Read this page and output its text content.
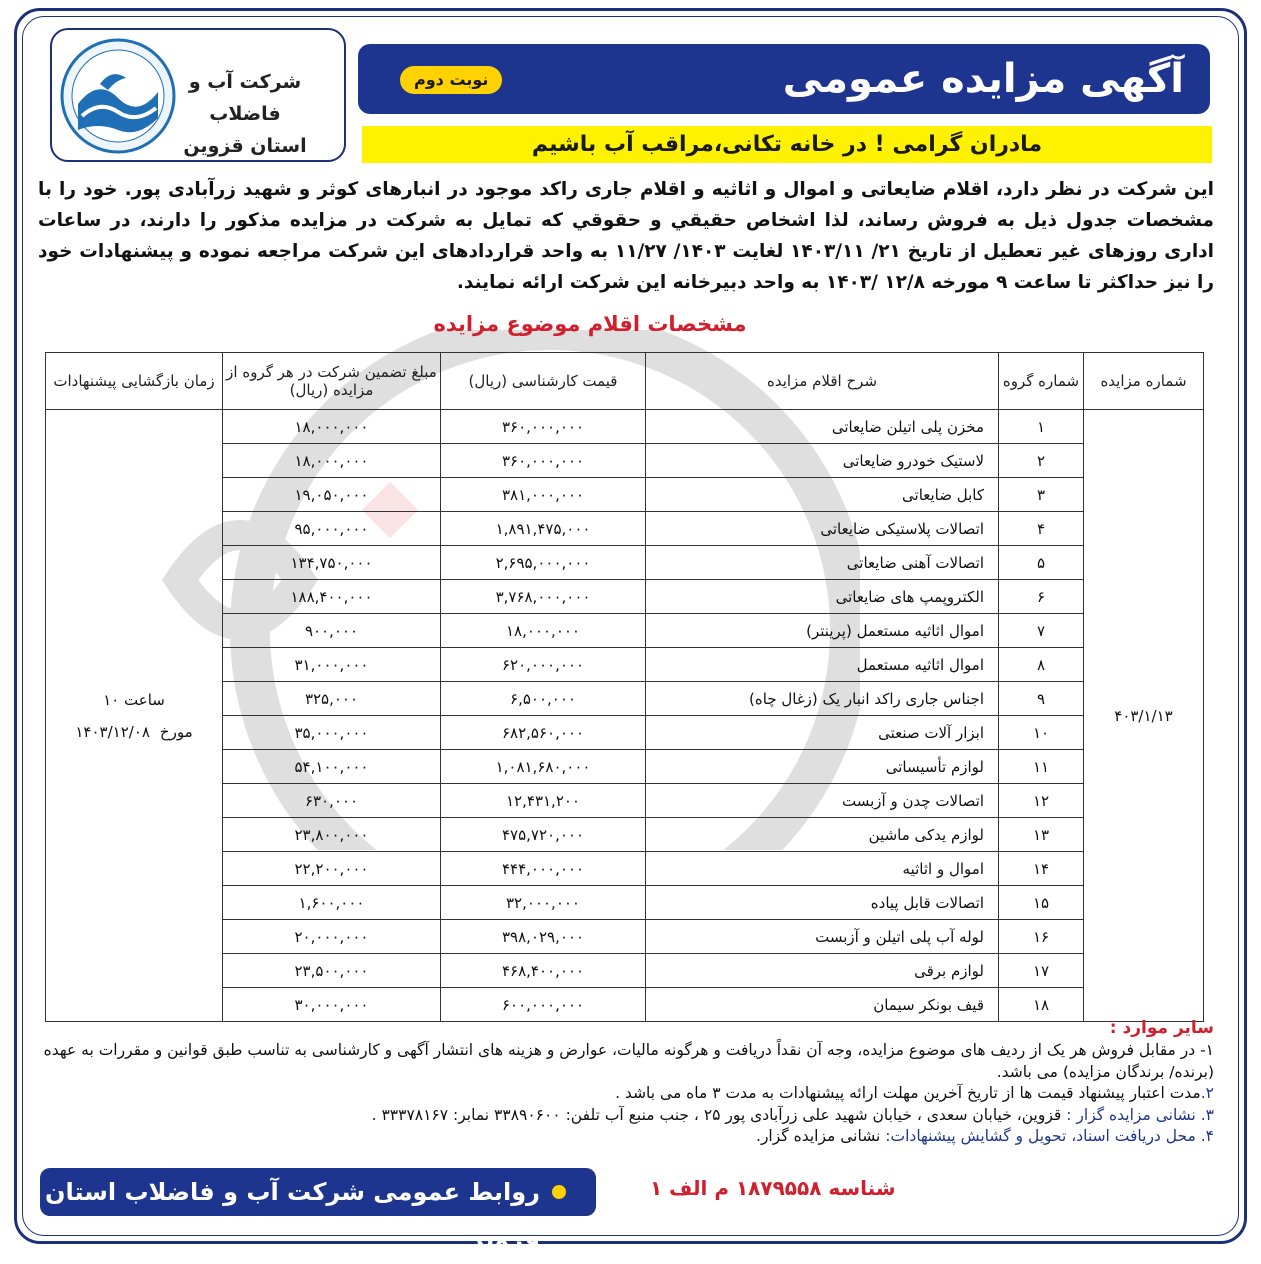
شرکت آب و فاضلاب
استان قزوین
آگهی مزایده عمومی
نوبت دوم
مادران گرامی ! در خانه تکانی،مراقب آب باشیم
این شرکت در نظر دارد، اقلام ضایعاتی و اموال و اثاثیه و اقلام جاری راکد موجود در انبارهای کوثر و شهید زرآبادی پور. خود را با مشخصات جدول ذیل به فروش رساند، لذا اشخاص حقیقي و حقوقي که تمایل به شرکت در مزایده مذکور را دارند، در ساعات اداری روزهای غیر تعطیل از تاریخ ۲۱/ ۱۴۰۳/۱۱ لغایت ۱۴۰۳/ ۱۱/۲۷ به واحد قراردادهای این شرکت مراجعه نموده و پیشنهادات خود را نیز حداکثر تا ساعت ۹ مورخه ۱۲/۸ /۱۴۰۳ به واحد دبیرخانه این شرکت ارائه نمایند.
مشخصات اقلام موضوع مزایده
شماره مزایده	شماره گروه	شرح اقلام مزایده	قیمت کارشناسی (ریال)	مبلغ تضمین شرکت در هر گروه از مزایده (ریال)	زمان بازگشایی پیشنهادات
۴۰۳/۱/۱۳	۱	مخزن پلی اتیلن ضایعاتی	۳۶۰,۰۰۰,۰۰۰	۱۸,۰۰۰,۰۰۰	ساعت ۱۰
مورخ۱۴۰۳/۱۲/۰۸

	۲	لاستیک خودرو ضایعاتی	۳۶۰,۰۰۰,۰۰۰	۱۸,۰۰۰,۰۰۰	
	۳	کابل ضایعاتی	۳۸۱,۰۰۰,۰۰۰	۱۹,۰۵۰,۰۰۰	
	۴	اتصالات پلاستیکی ضایعاتی	۱,۸۹۱,۴۷۵,۰۰۰	۹۵,۰۰۰,۰۰۰	
	۵	اتصالات آهنی ضایعاتی	۲,۶۹۵,۰۰۰,۰۰۰	۱۳۴,۷۵۰,۰۰۰	
	۶	الکتروپمپ های ضایعاتی	۳,۷۶۸,۰۰۰,۰۰۰	۱۸۸,۴۰۰,۰۰۰	
	۷	اموال اثاثیه مستعمل (پرینتر)	۱۸,۰۰۰,۰۰۰	۹۰۰,۰۰۰	
	۸	اموال اثاثیه مستعمل	۶۲۰,۰۰۰,۰۰۰	۳۱,۰۰۰,۰۰۰	
	۹	اجناس جاری راکد انبار یک (زغال چاه)	۶,۵۰۰,۰۰۰	۳۲۵,۰۰۰	
	۱۰	ابزار آلات صنعتی	۶۸۲,۵۶۰,۰۰۰	۳۵,۰۰۰,۰۰۰	
	۱۱	لوازم تأسیساتی	۱,۰۸۱,۶۸۰,۰۰۰	۵۴,۱۰۰,۰۰۰	
	۱۲	اتصالات چدن و آزبست	۱۲,۴۳۱,۲۰۰	۶۳۰,۰۰۰	
	۱۳	لوازم یدکی ماشین	۴۷۵,۷۲۰,۰۰۰	۲۳,۸۰۰,۰۰۰	
	۱۴	اموال و اثاثیه	۴۴۴,۰۰۰,۰۰۰	۲۲,۲۰۰,۰۰۰	
	۱۵	اتصالات قابل پیاده	۳۲,۰۰۰,۰۰۰	۱,۶۰۰,۰۰۰	
	۱۶	لوله آب پلی اتیلن و آزبست	۳۹۸,۰۲۹,۰۰۰	۲۰,۰۰۰,۰۰۰	
	۱۷	لوازم برقی	۴۶۸,۴۰۰,۰۰۰	۲۳,۵۰۰,۰۰۰	
	۱۸	قیف بونکر سیمان	۶۰۰,۰۰۰,۰۰۰	۳۰,۰۰۰,۰۰۰	
سایر موارد :

۱- در مقابل فروش هر یک از ردیف های موضوع مزایده، وجه آن نقداً دریافت و هرگونه مالیات، عوارض و هزینه های انتشار آگهی و کارشناسی به تناسب طبق قوانین و مقررات به عهده (برنده/ برندگان مزایده) می باشد.

۲.مدت اعتبار پیشنهاد قیمت ها از تاریخ آخرین مهلت ارائه پیشنهادات به مدت ۳ ماه می باشد .

۳. نشانی مزایده گزار : قزوین، خیابان سعدی ، خیابان شهید علی زرآبادی پور ۲۵ ، جنب منبع آب تلفن: ۳۳۸۹۰۶۰۰ نمابر: ۳۳۳۷۸۱۶۷ .

۴. محل دریافت اسناد، تحویل و گشایش پیشنهادات: نشانی مزایده گزار.

روابط عمومی شرکت آب و فاضلاب استان قزوین
شناسه ۱۸۷۹۵۵۸ م الف ۱
